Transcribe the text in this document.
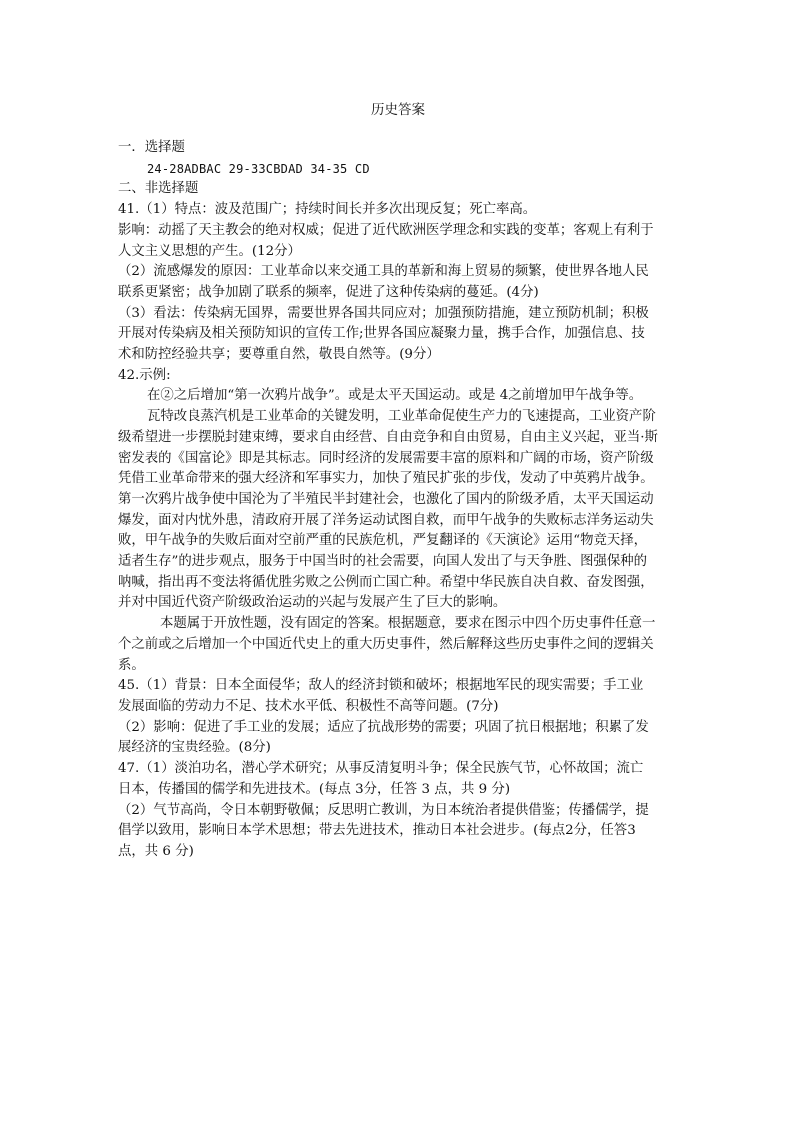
历史答案
一．选择题
24-28ADBAC 29-33CBDAD 34-35 CD
二、非选择题
41.（1）特点：波及范围广；持续时间长并多次出现反复；死亡率高。
影响：动摇了天主教会的绝对权威；促进了近代欧洲医学理念和实践的变革；客观上有利于
人文主义思想的产生。(12分）
（2）流感爆发的原因：工业革命以来交通工具的革新和海上贸易的频繁，使世界各地人民
联系更紧密；战争加剧了联系的频率，促进了这种传染病的蔓延。(4分)
（3）看法：传染病无国界，需要世界各国共同应对；加强预防措施，建立预防机制；积极
开展对传染病及相关预防知识的宣传工作;世界各国应凝聚力量，携手合作，加强信息、技
术和防控经验共享；要尊重自然，敬畏自然等。(9分）
42.示例:
在②之后增加“第一次鸦片战争”。或是太平天国运动。或是 4之前增加甲午战争等。
瓦特改良蒸汽机是工业革命的关键发明，工业革命促使生产力的飞速提高，工业资产阶
级希望进一步摆脱封建束缚，要求自由经营、自由竞争和自由贸易，自由主义兴起，亚当·斯
密发表的《国富论》即是其标志。同时经济的发展需要丰富的原料和广阔的市场，资产阶级
凭借工业革命带来的强大经济和军事实力，加快了殖民扩张的步伐，发动了中英鸦片战争。
第一次鸦片战争使中国沦为了半殖民半封建社会，也激化了国内的阶级矛盾，太平天国运动
爆发，面对内忧外患，清政府开展了洋务运动试图自救，而甲午战争的失败标志洋务运动失
败，甲午战争的失败后面对空前严重的民族危机，严复翻译的《天演论》运用“物竞天择，
适者生存”的进步观点，服务于中国当时的社会需要，向国人发出了与天争胜、图强保种的
呐喊，指出再不变法将循优胜劣败之公例而亡国亡种。希望中华民族自决自救、奋发图强，
并对中国近代资产阶级政治运动的兴起与发展产生了巨大的影响。
本题属于开放性题，没有固定的答案。根据题意，要求在图示中四个历史事件任意一
个之前或之后增加一个中国近代史上的重大历史事件，然后解释这些历史事件之间的逻辑关
系。
45.（1）背景：日本全面侵华；敌人的经济封锁和破坏；根据地军民的现实需要；手工业
发展面临的劳动力不足、技术水平低、积极性不高等问题。(7分)
（2）影响：促进了手工业的发展；适应了抗战形势的需要；巩固了抗日根据地；积累了发
展经济的宝贵经验。(8分)
47.（1）淡泊功名，潜心学术研究；从事反清复明斗争；保全民族气节，心怀故国；流亡
日本，传播国的儒学和先进技术。(每点 3分，任答 3 点，共 9 分)
（2）气节高尚，令日本朝野敬佩；反思明亡教训，为日本统治者提供借鉴；传播儒学，提
倡学以致用，影响日本学术思想；带去先进技术，推动日本社会进步。(每点2分，任答3
点，共 6 分)
